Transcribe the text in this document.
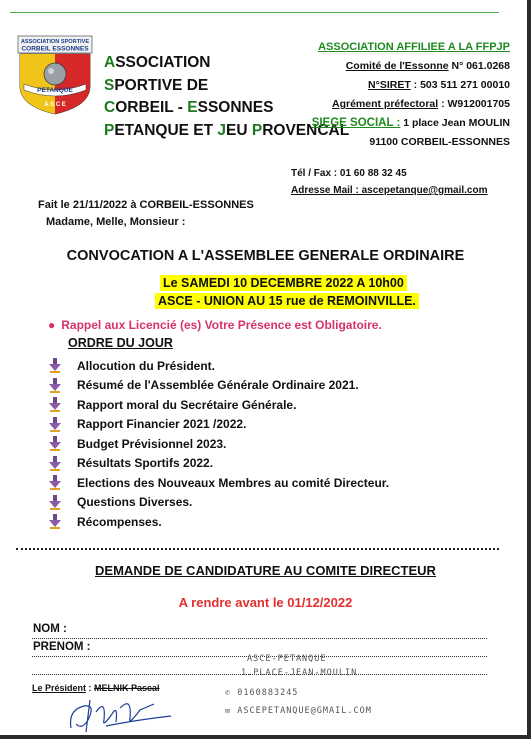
ASSOCIATION SPORTIVE
CORBEIL ESSONNES
PETANQUE
A S C E
ASSOCIATION
SPORTIVE DE
CORBEIL - ESSONNES
PETANQUE ET JEU PROVENCAL
ASSOCIATION AFFILIEE A LA FFPJP
Comité de l'Essonne N° 061.0268
N°SIRET : 503 511 271 00010
Agrément préfectoral : W912001705
SIEGE SOCIAL : 1 place Jean MOULIN
91100 CORBEIL-ESSONNES
Tél / Fax : 01 60 88 32 45
Adresse Mail : ascepetanque@gmail.com
Fait le 21/11/2022 à CORBEIL-ESSONNES
Madame, Melle, Monsieur :
CONVOCATION A L'ASSEMBLEE GENERALE ORDINAIRE
Le SAMEDI 10 DECEMBRE 2022 A 10h00
ASCE - UNION AU 15 rue de REMOINVILLE.
● Rappel aux Licencié (es) Votre Présence est Obligatoire.
ORDRE DU JOUR
Allocution du Président.
Résumé de l'Assemblée Générale Ordinaire 2021.
Rapport moral du Secrétaire Générale.
Rapport Financier 2021 /2022.
Budget Prévisionnel 2023.
Résultats Sportifs 2022.
Elections des Nouveaux Membres au comité Directeur.
Questions Diverses.
Récompenses.
DEMANDE DE CANDIDATURE AU COMITE DIRECTEUR
A rendre avant le 01/12/2022
NOM :
PRENOM :
Le Président : MELNIK Pascal
ASCE-PETANQUE
1.PLACE-JEAN-MOULIN
✆ 0160883245
✉ ASCEPETANQUE@GMAIL.COM
